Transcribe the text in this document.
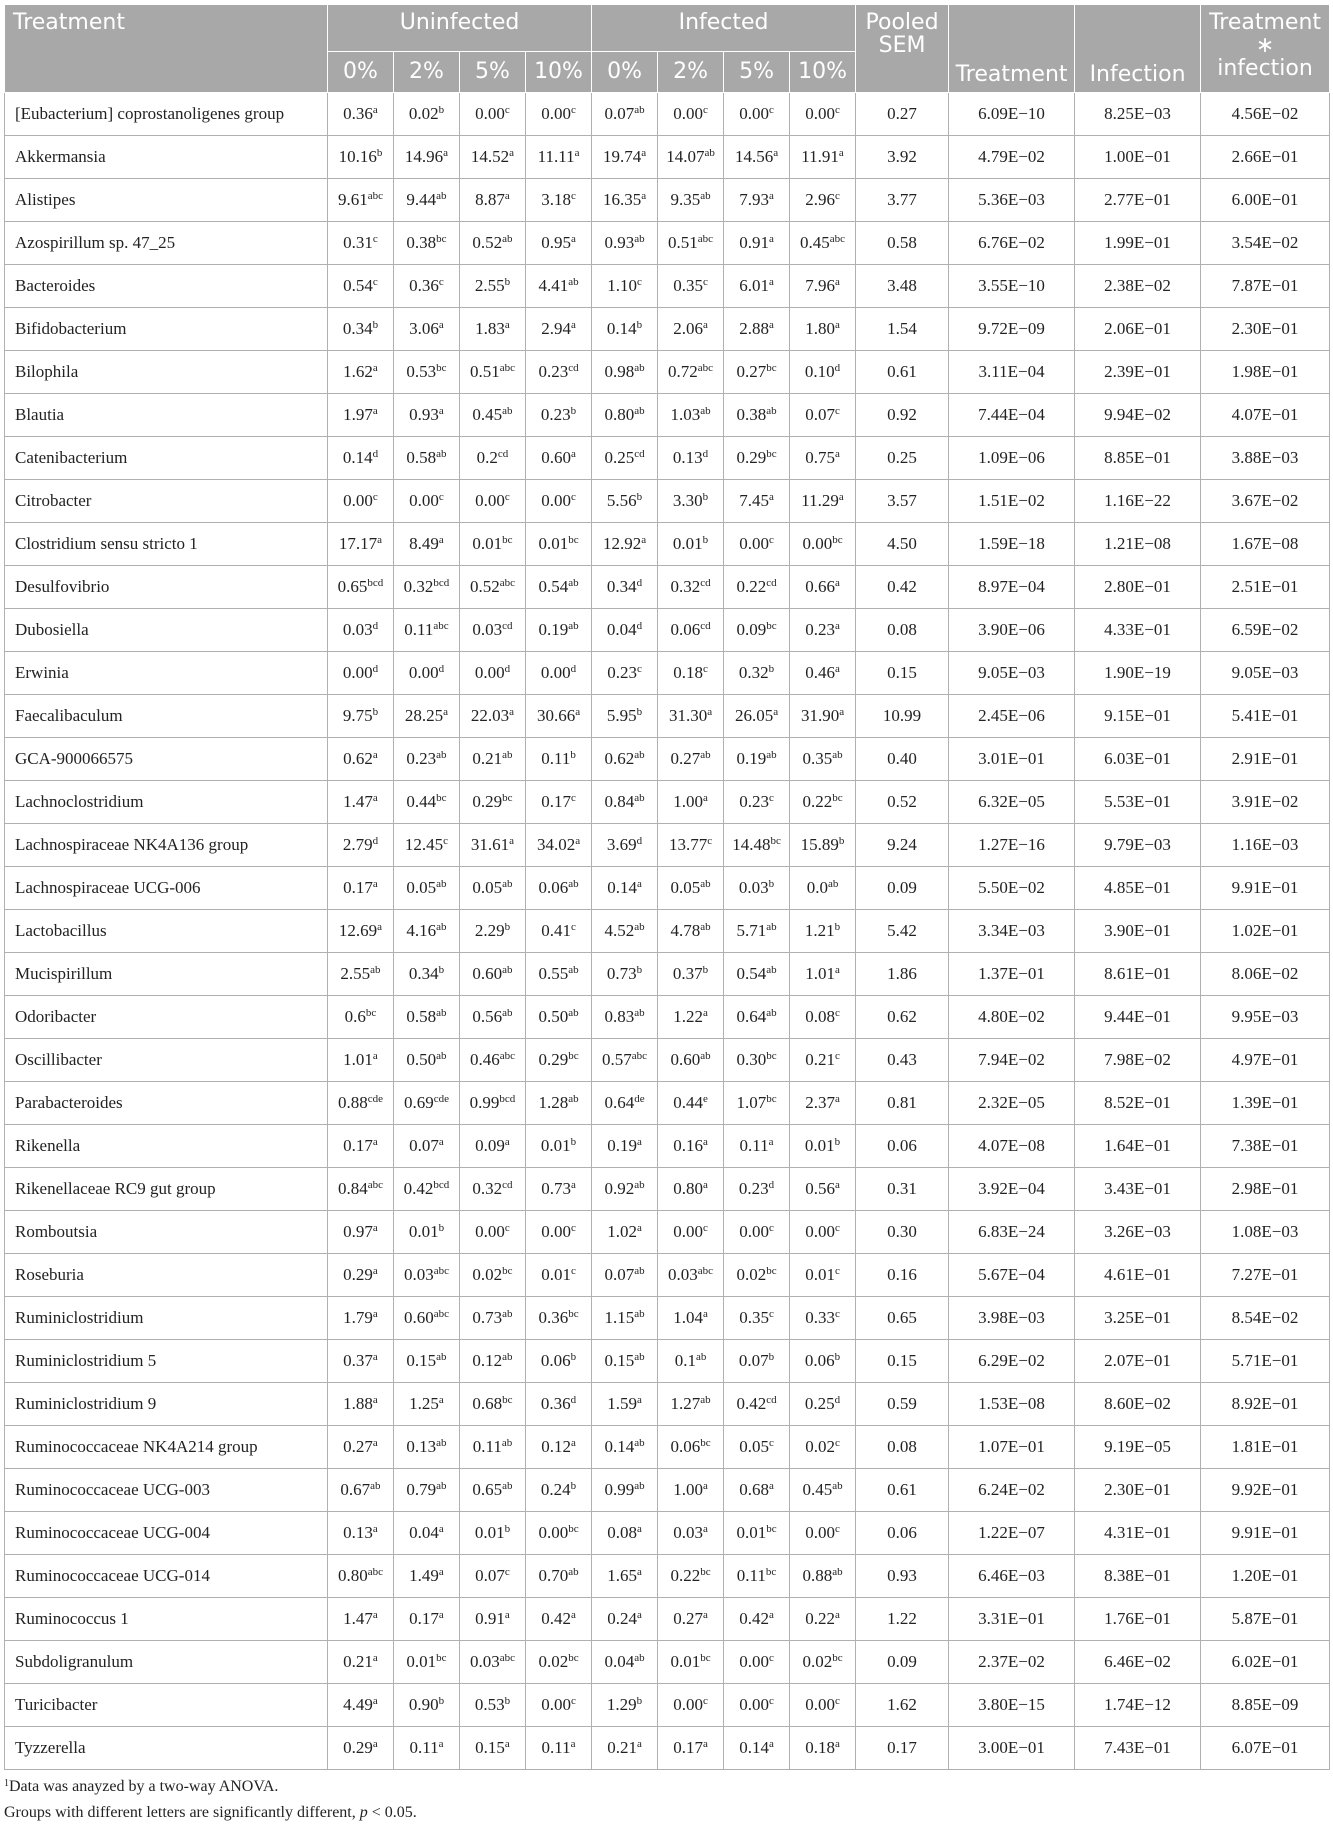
Treatment	Uninfected				Infected				Pooled SEM	Treatment	Infection	Treatment ∗ infection
	0%	2%	5%	10%	0%	2%	5%	10%				
[Eubacterium] coprostanoligenes group	0.36$^a$	0.02$^b$	0.00$^c$	0.00$^c$	0.07$^{ab}$	0.00$^c$	0.00$^c$	0.00$^c$	0.27	6.09E−10	8.25E−03	4.56E−02
Akkermansia	10.16$^b$	14.96$^a$	14.52$^a$	11.11$^a$	19.74$^a$	14.07$^{ab}$	14.56$^a$	11.91$^a$	3.92	4.79E−02	1.00E−01	2.66E−01
Alistipes	9.61$^{abc}$	9.44$^{ab}$	8.87$^a$	3.18$^c$	16.35$^a$	9.35$^{ab}$	7.93$^a$	2.96$^c$	3.77	5.36E−03	2.77E−01	6.00E−01
Azospirillum sp. 47_25	0.31$^c$	0.38$^{bc}$	0.52$^{ab}$	0.95$^a$	0.93$^{ab}$	0.51$^{abc}$	0.91$^a$	0.45$^{abc}$	0.58	6.76E−02	1.99E−01	3.54E−02
Bacteroides	0.54$^c$	0.36$^c$	2.55$^b$	4.41$^{ab}$	1.10$^c$	0.35$^c$	6.01$^a$	7.96$^a$	3.48	3.55E−10	2.38E−02	7.87E−01
Bifidobacterium	0.34$^b$	3.06$^a$	1.83$^a$	2.94$^a$	0.14$^b$	2.06$^a$	2.88$^a$	1.80$^a$	1.54	9.72E−09	2.06E−01	2.30E−01
Bilophila	1.62$^a$	0.53$^{bc}$	0.51$^{abc}$	0.23$^{cd}$	0.98$^{ab}$	0.72$^{abc}$	0.27$^{bc}$	0.10$^d$	0.61	3.11E−04	2.39E−01	1.98E−01
Blautia	1.97$^a$	0.93$^a$	0.45$^{ab}$	0.23$^b$	0.80$^{ab}$	1.03$^{ab}$	0.38$^{ab}$	0.07$^c$	0.92	7.44E−04	9.94E−02	4.07E−01
Catenibacterium	0.14$^d$	0.58$^{ab}$	0.2$^{cd}$	0.60$^a$	0.25$^{cd}$	0.13$^d$	0.29$^{bc}$	0.75$^a$	0.25	1.09E−06	8.85E−01	3.88E−03
Citrobacter	0.00$^c$	0.00$^c$	0.00$^c$	0.00$^c$	5.56$^b$	3.30$^b$	7.45$^a$	11.29$^a$	3.57	1.51E−02	1.16E−22	3.67E−02
Clostridium sensu stricto 1	17.17$^a$	8.49$^a$	0.01$^{bc}$	0.01$^{bc}$	12.92$^a$	0.01$^b$	0.00$^c$	0.00$^{bc}$	4.50	1.59E−18	1.21E−08	1.67E−08
Desulfovibrio	0.65$^{bcd}$	0.32$^{bcd}$	0.52$^{abc}$	0.54$^{ab}$	0.34$^d$	0.32$^{cd}$	0.22$^{cd}$	0.66$^a$	0.42	8.97E−04	2.80E−01	2.51E−01
Dubosiella	0.03$^d$	0.11$^{abc}$	0.03$^{cd}$	0.19$^{ab}$	0.04$^d$	0.06$^{cd}$	0.09$^{bc}$	0.23$^a$	0.08	3.90E−06	4.33E−01	6.59E−02
Erwinia	0.00$^d$	0.00$^d$	0.00$^d$	0.00$^d$	0.23$^c$	0.18$^c$	0.32$^b$	0.46$^a$	0.15	9.05E−03	1.90E−19	9.05E−03
Faecalibaculum	9.75$^b$	28.25$^a$	22.03$^a$	30.66$^a$	5.95$^b$	31.30$^a$	26.05$^a$	31.90$^a$	10.99	2.45E−06	9.15E−01	5.41E−01
GCA-900066575	0.62$^a$	0.23$^{ab}$	0.21$^{ab}$	0.11$^b$	0.62$^{ab}$	0.27$^{ab}$	0.19$^{ab}$	0.35$^{ab}$	0.40	3.01E−01	6.03E−01	2.91E−01
Lachnoclostridium	1.47$^a$	0.44$^{bc}$	0.29$^{bc}$	0.17$^c$	0.84$^{ab}$	1.00$^a$	0.23$^c$	0.22$^{bc}$	0.52	6.32E−05	5.53E−01	3.91E−02
Lachnospiraceae NK4A136 group	2.79$^d$	12.45$^c$	31.61$^a$	34.02$^a$	3.69$^d$	13.77$^c$	14.48$^{bc}$	15.89$^b$	9.24	1.27E−16	9.79E−03	1.16E−03
Lachnospiraceae UCG-006	0.17$^a$	0.05$^{ab}$	0.05$^{ab}$	0.06$^{ab}$	0.14$^a$	0.05$^{ab}$	0.03$^b$	0.0$^{ab}$	0.09	5.50E−02	4.85E−01	9.91E−01
Lactobacillus	12.69$^a$	4.16$^{ab}$	2.29$^b$	0.41$^c$	4.52$^{ab}$	4.78$^{ab}$	5.71$^{ab}$	1.21$^b$	5.42	3.34E−03	3.90E−01	1.02E−01
Mucispirillum	2.55$^{ab}$	0.34$^b$	0.60$^{ab}$	0.55$^{ab}$	0.73$^b$	0.37$^b$	0.54$^{ab}$	1.01$^a$	1.86	1.37E−01	8.61E−01	8.06E−02
Odoribacter	0.6$^{bc}$	0.58$^{ab}$	0.56$^{ab}$	0.50$^{ab}$	0.83$^{ab}$	1.22$^a$	0.64$^{ab}$	0.08$^c$	0.62	4.80E−02	9.44E−01	9.95E−03
Oscillibacter	1.01$^a$	0.50$^{ab}$	0.46$^{abc}$	0.29$^{bc}$	0.57$^{abc}$	0.60$^{ab}$	0.30$^{bc}$	0.21$^c$	0.43	7.94E−02	7.98E−02	4.97E−01
Parabacteroides	0.88$^{cde}$	0.69$^{cde}$	0.99$^{bcd}$	1.28$^{ab}$	0.64de	0.44e	1.07$^{bc}$	2.37$^a$	0.81	2.32E−05	8.52E−01	1.39E−01
Rikenella	0.17$^a$	0.07$^a$	0.09$^a$	0.01$^b$	0.19$^a$	0.16$^a$	0.11$^a$	0.01$^b$	0.06	4.07E−08	1.64E−01	7.38E−01
Rikenellaceae RC9 gut group	0.84$^{abc}$	0.42$^{bcd}$	0.32$^{cd}$	0.73$^a$	0.92$^{ab}$	0.80$^a$	0.23$^d$	0.56$^a$	0.31	3.92E−04	3.43E−01	2.98E−01
Romboutsia	0.97$^a$	0.01$^b$	0.00$^c$	0.00$^c$	1.02$^a$	0.00$^c$	0.00$^c$	0.00$^c$	0.30	6.83E−24	3.26E−03	1.08E−03
Roseburia	0.29$^a$	0.03$^{abc}$	0.02$^{bc}$	0.01$^c$	0.07$^{ab}$	0.03$^{abc}$	0.02$^{bc}$	0.01$^c$	0.16	5.67E−04	4.61E−01	7.27E−01
Ruminiclostridium	1.79$^a$	0.60$^{abc}$	0.73$^{ab}$	0.36$^{bc}$	1.15$^{ab}$	1.04$^a$	0.35$^c$	0.33$^c$	0.65	3.98E−03	3.25E−01	8.54E−02
Ruminiclostridium 5	0.37$^a$	0.15$^{ab}$	0.12$^{ab}$	0.06$^b$	0.15$^{ab}$	0.1$^{ab}$	0.07$^b$	0.06$^b$	0.15	6.29E−02	2.07E−01	5.71E−01
Ruminiclostridium 9	1.88$^a$	1.25$^a$	0.68$^{bc}$	0.36$^d$	1.59$^a$	1.27$^{ab}$	0.42$^{cd}$	0.25$^d$	0.59	1.53E−08	8.60E−02	8.92E−01
Ruminococcaceae NK4A214 group	0.27$^a$	0.13$^{ab}$	0.11$^{ab}$	0.12$^a$	0.14$^{ab}$	0.06$^{bc}$	0.05$^c$	0.02$^c$	0.08	1.07E−01	9.19E−05	1.81E−01
Ruminococcaceae UCG-003	0.67$^{ab}$	0.79$^{ab}$	0.65$^{ab}$	0.24$^b$	0.99$^{ab}$	1.00$^a$	0.68$^a$	0.45$^{ab}$	0.61	6.24E−02	2.30E−01	9.92E−01
Ruminococcaceae UCG-004	0.13$^a$	0.04$^a$	0.01$^b$	0.00$^{bc}$	0.08$^a$	0.03$^a$	0.01$^{bc}$	0.00$^c$	0.06	1.22E−07	4.31E−01	9.91E−01
Ruminococcaceae UCG-014	0.80$^{abc}$	1.49$^a$	0.07$^c$	0.70$^{ab}$	1.65$^a$	0.22$^{bc}$	0.11$^{bc}$	0.88$^{ab}$	0.93	6.46E−03	8.38E−01	1.20E−01
Ruminococcus 1	1.47$^a$	0.17$^a$	0.91$^a$	0.42$^a$	0.24$^a$	0.27$^a$	0.42$^a$	0.22$^a$	1.22	3.31E−01	1.76E−01	5.87E−01
Subdoligranulum	0.21$^a$	0.01$^{bc}$	0.03$^{abc}$	0.02$^{bc}$	0.04$^{ab}$	0.01$^{bc}$	0.00$^c$	0.02$^{bc}$	0.09	2.37E−02	6.46E−02	6.02E−01
Turicibacter	4.49$^a$	0.90$^b$	0.53$^b$	0.00$^c$	1.29$^b$	0.00$^c$	0.00$^c$	0.00$^c$	1.62	3.80E−15	1.74E−12	8.85E−09
Tyzzerella	0.29$^a$	0.11$^a$	0.15$^a$	0.11$^a$	0.21$^a$	0.17$^a$	0.14$^a$	0.18$^a$	0.17	3.00E−01	7.43E−01	6.07E−01
$^1$Data was anayzed by a two-way ANOVA.
Groups with different letters are significantly different, p < 0.05.
